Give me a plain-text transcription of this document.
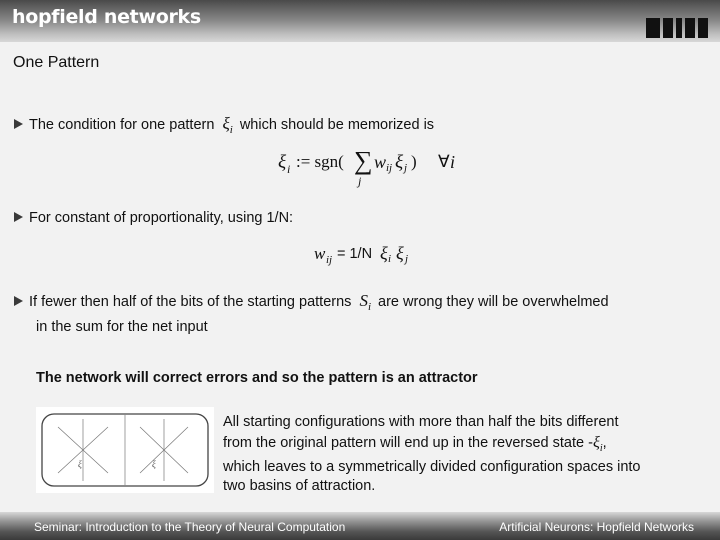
hopfield networks
One Pattern
The condition for one pattern $\xi_i$ which should be memorized is
ξ i := sgn( ∑
j
w ij ξ j ) ∀ i
For constant of proportionality, using 1/N:
w ij = 1/N ξ i ξ j
If fewer then half of the bits of the starting patterns $S_i$ are wrong they will be overwhelmed
in the sum for the net input
The network will correct errors and so the pattern is an attractor
ξ	ξ
All starting configurations with more than half the bits different
from the original pattern will end up in the reversed state $-\xi_i$,
which leaves to a symmetrically divided configuration spaces into
two basins of attraction.
Seminar: Introduction to the Theory of Neural Computation	Artificial Neurons: Hopfield Networks
